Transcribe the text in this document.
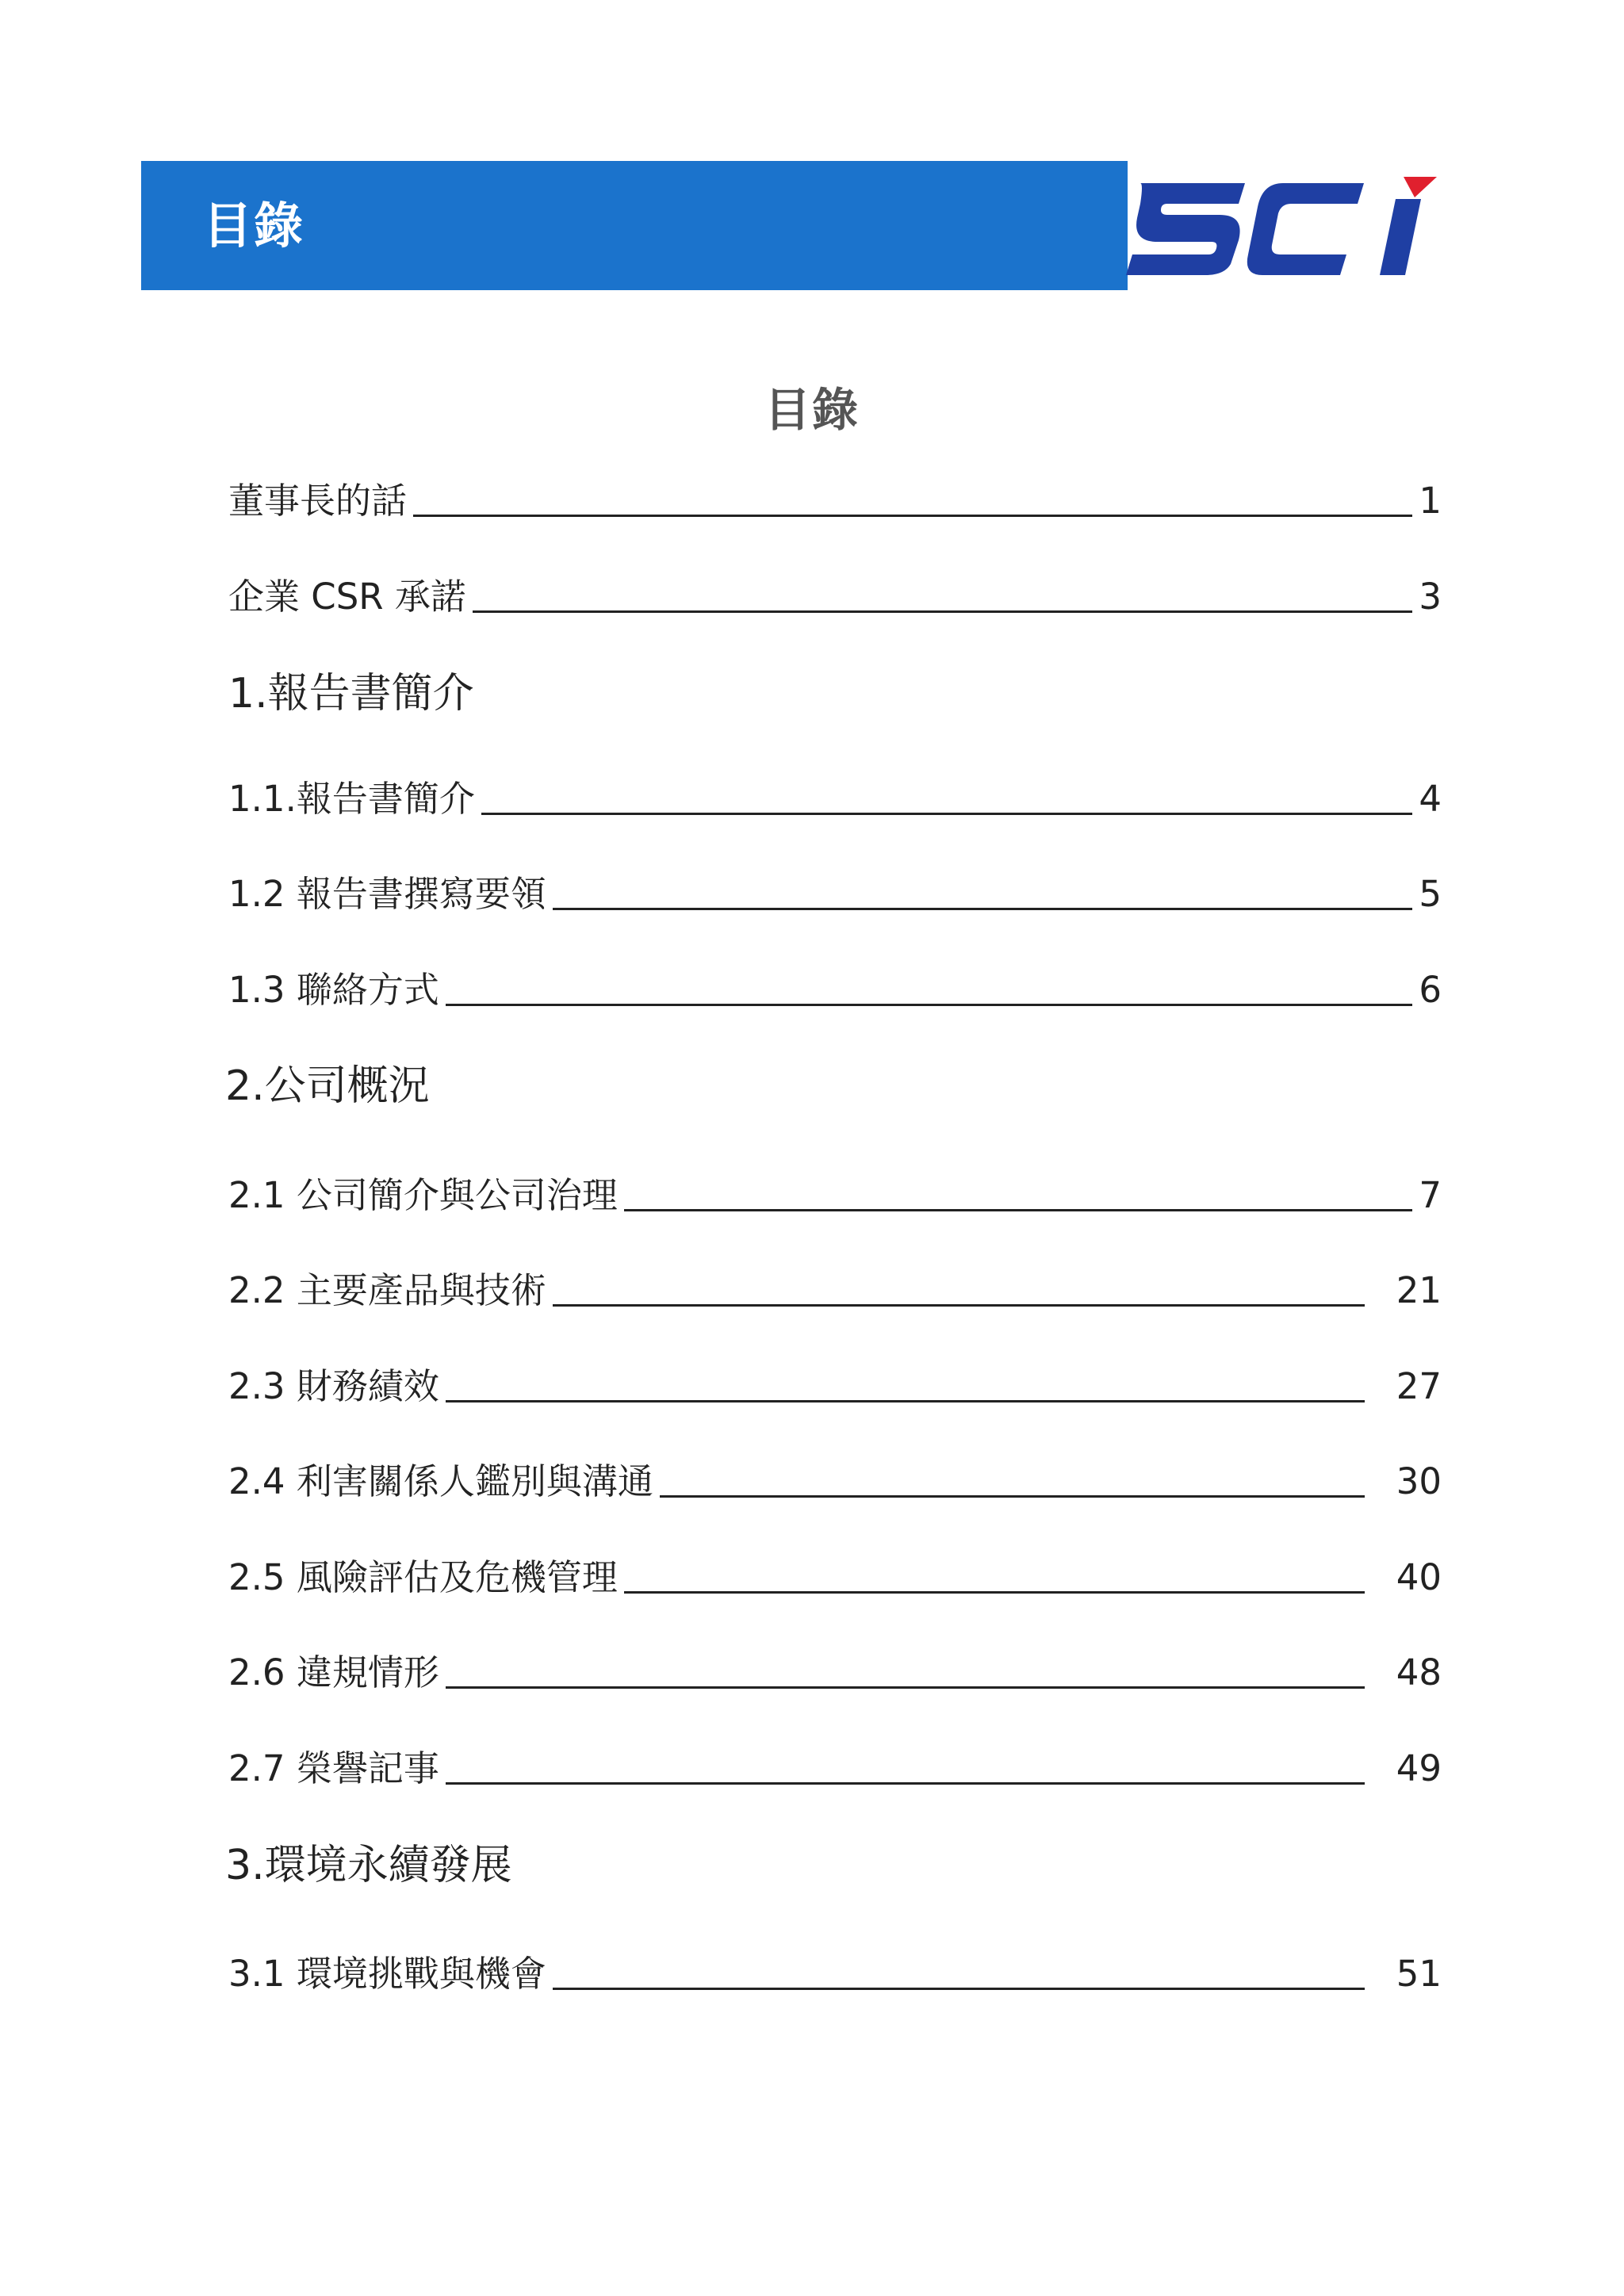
目錄
目錄
董事長的話	1
企業 CSR 承諾	3
1.報告書簡介
1.1.報告書簡介	4
1.2 報告書撰寫要領	5
1.3 聯絡方式	6
2.公司概況
2.1 公司簡介與公司治理	7
2.2 主要產品與技術	21
2.3 財務績效	27
2.4 利害關係人鑑別與溝通	30
2.5 風險評估及危機管理	40
2.6 違規情形	48
2.7 榮譽記事	49
3.環境永續發展
3.1 環境挑戰與機會	51
